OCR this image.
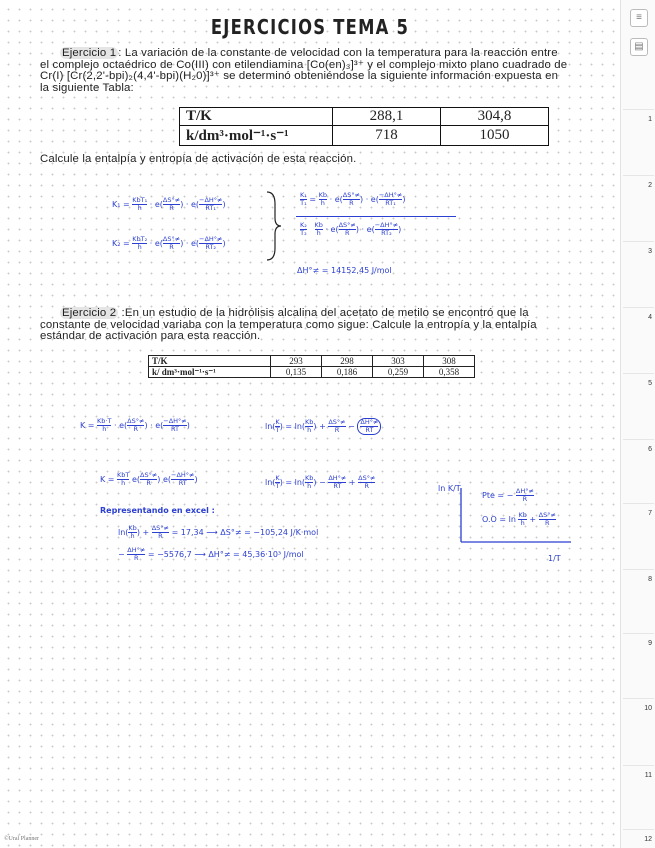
EJERCICIOS TEMA 5
Ejercicio 1 : La variación de la constante de velocidad con la temperatura para la reacción entre
el complejo octaédrico de Co(III) con etilendiamina [Co(en)₃]³⁺ y el complejo mixto plano cuadrado de
Cr(I) [Cr(2,2'-bpi)₂(4,4'-bpi)(H₂0)]³⁺ se determinó obteniéndose la siguiente información expuesta en
la siguiente Tabla:
T/K	288,1	304,8
k/dm³·mol⁻¹·s⁻¹	718	1050
Calcule la entalpía y entropía de activación de esta reacción.
K₁ = KbT₁
$h \cdot e( \frac{\Delta S^\circ\ne}{R}$ ) · $e( \frac{-\Delta H^\circ\ne}{\text{RT₁}}$ )
K₂ = KbT₂
$h \cdot e( \frac{\Delta S^\circ\ne}{R}$ ) · $e( \frac{-\Delta H^\circ\ne}{\text{RT₂}}$ )
$\frac{\text{K₁}}{\text{T₁}} = \frac{Kb}{h} \cdot e( \frac{\Delta S^\circ\ne}{R}$ ) · $e( \frac{-\Delta H^\circ\ne}{\text{RT₁}}$ )
$\frac{\text{K₂}}{\text{T₂}}$
$\frac{Kb}{h} \cdot e( \frac{\Delta S^\circ\ne}{R}$ ) · $e( \frac{-\Delta H^\circ\ne}{\text{RT₂}}$ )
ΔH°≠ = 14152,45 J/mol
Ejercicio 2 :En un estudio de la hidrólisis alcalina del acetato de metilo se encontró que la
constante de velocidad variaba con la temperatura como sigue: Calcule la entropía y la entalpía
estándar de activación para esta reacción.
T/K	293	298	303	308
k/ dm³·mol⁻¹·s⁻¹	0,135	0,186	0,259	0,358
$K = \frac{Kb\cdot T}{h} \cdot e( \frac{\Delta S^\circ\ne}{R}$ ) · $e( \frac{-\Delta H^\circ\ne}{RT}$ )	$\ln( \frac{K}{T}$ ) = $\ln( \frac{Kb}{h}$ ) + $\frac{\Delta S^\circ\ne}{R} - \frac{\Delta H^\circ\ne}{RT}$
K = KbT
h $e( \frac{\Delta S^\circ\ne}{R}$ ) $e( \frac{-\Delta H^\circ\ne}{RT}$ )	$\ln( \frac{K}{T}$ ) = $\ln( \frac{Kb}{h}$ ) − $\frac{\Delta H^\circ\ne}{RT} + \frac{\Delta S^\circ\ne}{R}$	ln K/T
Pte = − $\frac{\Delta H^\circ\ne}{R}$
$O.O = \ln \frac{Kb}{h} + \frac{\Delta S^\circ\ne}{R}$
1/T
Representando en excel :
$\ln( \frac{Kb}{h}$ ) + $\frac{\Delta S^\circ\ne}{R} = 17,34$ ⟶ ΔS°≠ = −105,24 J/K·mol
− $\frac{\Delta H^\circ\ne}{R} = -5576,7$ ⟶ ΔH°≠ = 45,36·10³ J/mol
©Ural Planner
≡
▤
1
2
3
4
5
6
7
8
9
10
11
12
